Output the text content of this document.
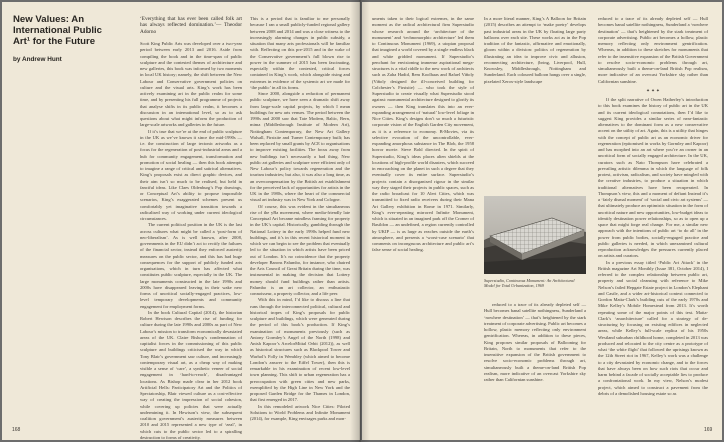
New Values: An
International Public
Art¹ for the Future
by Andrew Hunt

‘Everything that has ever been called folk art has always reflected domination.’— Theodor Adorno

Scott King Public Arts was developed over a two-year period between early 2013 and 2016. Aside from compiling the book and in the time-span of public sculpture and the contested themes of architecture and new galleries, this book was informed by two moments in local UK history; namely, the shift between the New Labour and Conservative government policies on culture and the visual arts. King’s work has been actively examining art in the public realm for some time, and by presenting his full programme of projects that analyse shifts in its public realm, it becomes a discussion in an international level, so as to ask questions about what might inform the production of large-scale artworks and galleries in the future.

If it’s true that we’re at the end of public sculpture in the UK as we’ve known it since the mid-1990s — i.e. the construction of large tectonic artworks as a focus for the regeneration of post-industrial areas and a hub for community engagement, transformation and promotion of social healing — then this book attempts to imagine a range of critical and satirical alternatives. King’s proposals exist as direct graphic devices, and their aim isn’t so much to be realised, but held in fanciful ideas. Like Claes Oldenburg’s Pop drawings, or Conceptual Art’s ability to propose impossible scenarios, King’s exaggerated schemes present us comfortably yet imaginative transition towards a radicalised way of working under current ideological circumstances.

The current political position in the UK is the last across cultures what might be called a ‘post-form of neo-liberalism’. As is well known, after 2008, governments in the EU didn’t act to rectify the failures of the financial sector, instead they enforced austerity measures on the public sector, and this has had huge consequences for the support of publicly funded arts organisations, which in turn has affected what constitutes public sculpture, especially in the UK. The large monuments constructed in the late 1990s and 2000s have disappeared leaving in their wake new forms of uncritical socially-engaged practices, low-level temporary developments and community engagement for employment forms.

In the book Cultural Capital (2014), the historian Robert Hewison describes the rise of funding for culture during the late 1990s and 2000s as part of New Labour’s mission to transform economically devastated areas of the UK. Claire Bishop’s condemnation of capitalist forces in the commissioning of this public sculpture and buildings criticised the way in which Tony Blair’s government saw culture, and increasingly contemporary visual art, as a cheap way of making visible a sense of ‘care’, a synthetic veneer of social engagement in ‘hard-to-reach’, disadvantaged locations. As Bishop made clear in her 2012 book Artificial Hells: Participatory Art and the Politics of Spectatorship, Blair viewed culture as a cost-effective way of creating the impression of social cohesion, while covering up policies that were actually undermining it. In Hewison’s view, the subsequent coalition government’s austerity measures between 2010 and 2015 represented a new type of ‘zeal’, in which cuts to the public sector led to a spiralling destruction to forms of creativity.

This is a period that is familiar to me personally because I ran a small publicly-funded regional gallery between 2008 and 2014 and was a close witness to the increasingly alarming changes in public subsidy, a situation that many arts professionals will be familiar with. Reflecting on this pre-2015 and in the wake of the Conservative government’s full blown rise to power in the summer of 2015 has been fascinating, especially within the contested, critical forces contained in King’s work, which alongside rising and extremes in evidence of the systemic art we made for ‘the public’ in all its forms.

Since 2000, alongside a reduction of permanent public sculpture, we have seen a dramatic shift away from large-scale capital projects, by which I mean buildings for new arts venues. The period between the 1990s and 2000 saw that Tate Modern, Baltic, Bern, mima (Middlesbrough Institute of Modern Art), Nottingham Contemporary, the New Art Gallery Walsall, Firstsite and Turner Contemporary built; has been replaced by small grants by ACE to organisations to improve existing facilities. The focus away from new buildings isn’t necessarily a bad thing. New public art galleries and sculpture were efficient only of New Labour’s policy towards regeneration and the tourism industries; but also, it was also a long time, as an overcompensation by the British art establishment for the perceived lack of opportunities for artists in the UK in the 1980s, where the heart of the commercial visual art industry was in New York and Cologne.

Of course, this was evident in the simultaneous rise of the yBa movement, where media-friendly late Conceptual Art became mindless framing for property in the UK’s capital. Historically, gambling through the National Lottery in the early 1990s helped fund new buildings, and it’s in this recent historical moment in which we can begin to see the problem that eventually led to the situation in which artists have been priced out of London. It’s no coincidence that the property developer Barons Palumbo, for instance, who chaired the Arts Council of Great Britain during the time, was instrumental in making the decision that Lottery money should fund buildings rather than artists. Palumbo is an art collector, an enthusiastic connoisseur, a property collector, and a life peer.

With this in mind, I’d like to discuss a line that runs through the interconnected political, cultural and historical tropes of King’s proposals for public sculpture and buildings, which were generated during the period of this book’s production. If King’s examination of monuments previously (such as Antony Gormley’s Angel of the North (1998) and Anish Kapoor’s ArcelorMittal Orbit (2012)), as well as historical structures such as Blackpool Tower and Warhol’s Folly in Wembley (which aimed to become London’s answer to the Eiffel Tower), then this is remarkable in his examination of recent low-level town planning. This shift to urban regeneration has a preoccupation with green cities and new parks, exemplified by the High Line in New York and the proposed Garden Bridge for the Thames in London, that first emerged in 2017.

In this remodeled artwork Nice Cities: Piloted Solutions to World Problems and Infinite Monument (2014), for example, King envisages parks and mon-

168

uments taken to their logical extremes, in the same moment as the radical architectural firm Superstudio whose research around the ‘architecture of the monument’ and ‘technomorphic architecture’ led them to Continuous Monument (1969), a utopian proposal that imagined a world covered by a single endless black and white gridded monument. If Superstudio’s penchant for envisioning immense aspirational mega-structures is a vital riddle to the new work of architects such as Zaha Hadid, Rem Koolhaas and Rafael Viñoly (Viñoly designed the ill-conceived building for Colchester’s Firstsite) — who took the style of Superstudio to create visually what Superstudio stood against: monumental architecture designed to glorify its owners — then King translates this into an ever-expanding arrangement of ‘natural’ low-level foliage in Nice Cities. King’s designs don’t so much a futuristic corporate vision of the English Garden City movement, as it is a reference to economy. B-Movies, via its selective evocation of the uncontrollable, ever-expanding amorphous substance in The Blob, the 1958 horror movie. Steve Bohl directed. In the spirit of Superstudio, King’s ideas places alien shields at the locations of high-profile world disasters, which succeed in encroaching on the planet in such a degree that they eventually cover its entire surface. Superstudio’s projects contain a disorganised rigour in the similar way they staged their projects in public spaces, such as the radio broadcast for 10 Alert Cities, which was transmitted to fixed radio receivers during their Mana Art Gallery exhibition in Rome in 1971. Similarly, King’s ever-repeating mirrored Infinite Monument, which is situated in an imagined park off the Cromer of Basildon — an undefined, a region currently controlled by UKIP — is as large as reaches outside the earth’s atmosphere, and presents a ‘worst-case scenario’ that comments on incongruous architecture and public art’s false sense of social healing.

In a more literal manner, King’s A Balloon for Britain (2015) describes an attempt to ‘make poetry’ develops past industrial areas in the UK by floating large party balloons over each site. These works act as in the Pop tradition of the fantastic, affirmative and emotionally, gloom within a division: politics of regeneration by illustrating an idea to improve civic and allusion, reconnecting architecture, (bring, Liverpool, Hull, Knowsley, Middlesbrough, Nottingham and Sunderland. Each coloured balloon hangs over a single, pixelated Xerox-style landscape

Superstudio, Continuous Monument: An Architectural Model for Total Urbanization, 1969

reduced to a trace of its already depleted self — Hull becomes banal satellite nothingness, Sunderland a ‘nowhere destination’ — that’s heightened by the stark treatment of corporate advertising. Public art becomes a hollow, plastic memory reflecting only environment gentrification. Whereas, in addition to these pieces, King proposes similar proposals of Ballooning for Britain, North to monuments that refer to the insensitive expansion of the British government to resolve socio-economic problems through art, simultaneously built a theme-on-land British Pop realism, more indicative of an overcast Yorkshire sky rather than Californian sunshine.

reduced to a trace of its already depleted self — Hull becomes banal satellite nothingness, Sunderland a ‘nowhere destination’ — that’s heightened by the stark treatment of corporate advertising. Public art becomes a hollow, plastic memory reflecting only environment gentrification. Whereas, in addition to these sketches for monuments that refer to the insensitive expansion of the British Government to resolve socio-economic problems through art, simultaneously built a theme-on-land British Pop realism, more indicative of an overcast Yorkshire sky rather than Californian sunshine.

✦ ✦ ✦

If the split narrative of Owen Hatherley’s introduction to this book examines the history of public art in the UK and its current ideological connotations, then I’d like to suggest King provides a similar series of near-fantastic alternatives to the dominant form as a new conservative accent on the utility of art. Again, this is a utility that hinges with the concept of public art as an economic driver for regeneration (epitomised in works by Gormley and Kapoor) and has morphed into an art where you’re an owner in an uncritical form of socially engaged architecture. In the UK, curators such as Nato Thompson have celebrated a prevailing artistic dilemma in which the language of folk protest, activism, radicalism, and society have mingled with the creative industries, to produce a situation in which traditional alternatives have been recuperated. In Thompson’s view, this and a moment of defiant Instead it’s a ‘fairly dismal moment’ of ‘social and civic art systems’ — that ultimately produce an optimistic situation in the form of uncritical nature and new opportunities, low-budget ideas to identify destination power relationships, so as to open up a space that might forge real change. For me, a similar new approach with the intentions of public art ‘to do all’ in the power from public bodies, socially-engaged practice and public galleries is needed, in which unexamined cultural reproduction acknowledges the pressures currently placed on artists and curators.

In a previous essay titled ‘Public Art Attack’ in the British magazine Art Monthly (Issue 381, October 2014), I referred to the complex relationship between public art, property and social cleansing with reference to Mike Nelson’s failed Hepgate Estate project in London’s Elephant and Castle, and a wider art-historical context connected to Gordon Matta-Clark’s building cuts of the early 1970s and Mike Kelley’s Mobile Homestead from 2013. It’s worth repeating some of the major points of this text. Matta-Clark’s ‘anarchitecture’ called for a strategy of de-structuring by focusing on existing edifices in neglected areas, while Kelley’s full-scale replica of his 1950s Westland suburban childhood home, completed in 2013 was produced and relocated to the city centre as a prototype of what ‘the white flight’ that followed the uprisings known as the 12th Street riot in 1967, Kelley’s work was a challenge to a city devastated by economic change, and to the forces that have always been on how such riots that occur and harm behind a facade of socially acceptable lies to produce a confrontational work. In my view, Nelson’s modest project, which aimed to construct a pavement from the debris of a demolished housing estate so as

169
